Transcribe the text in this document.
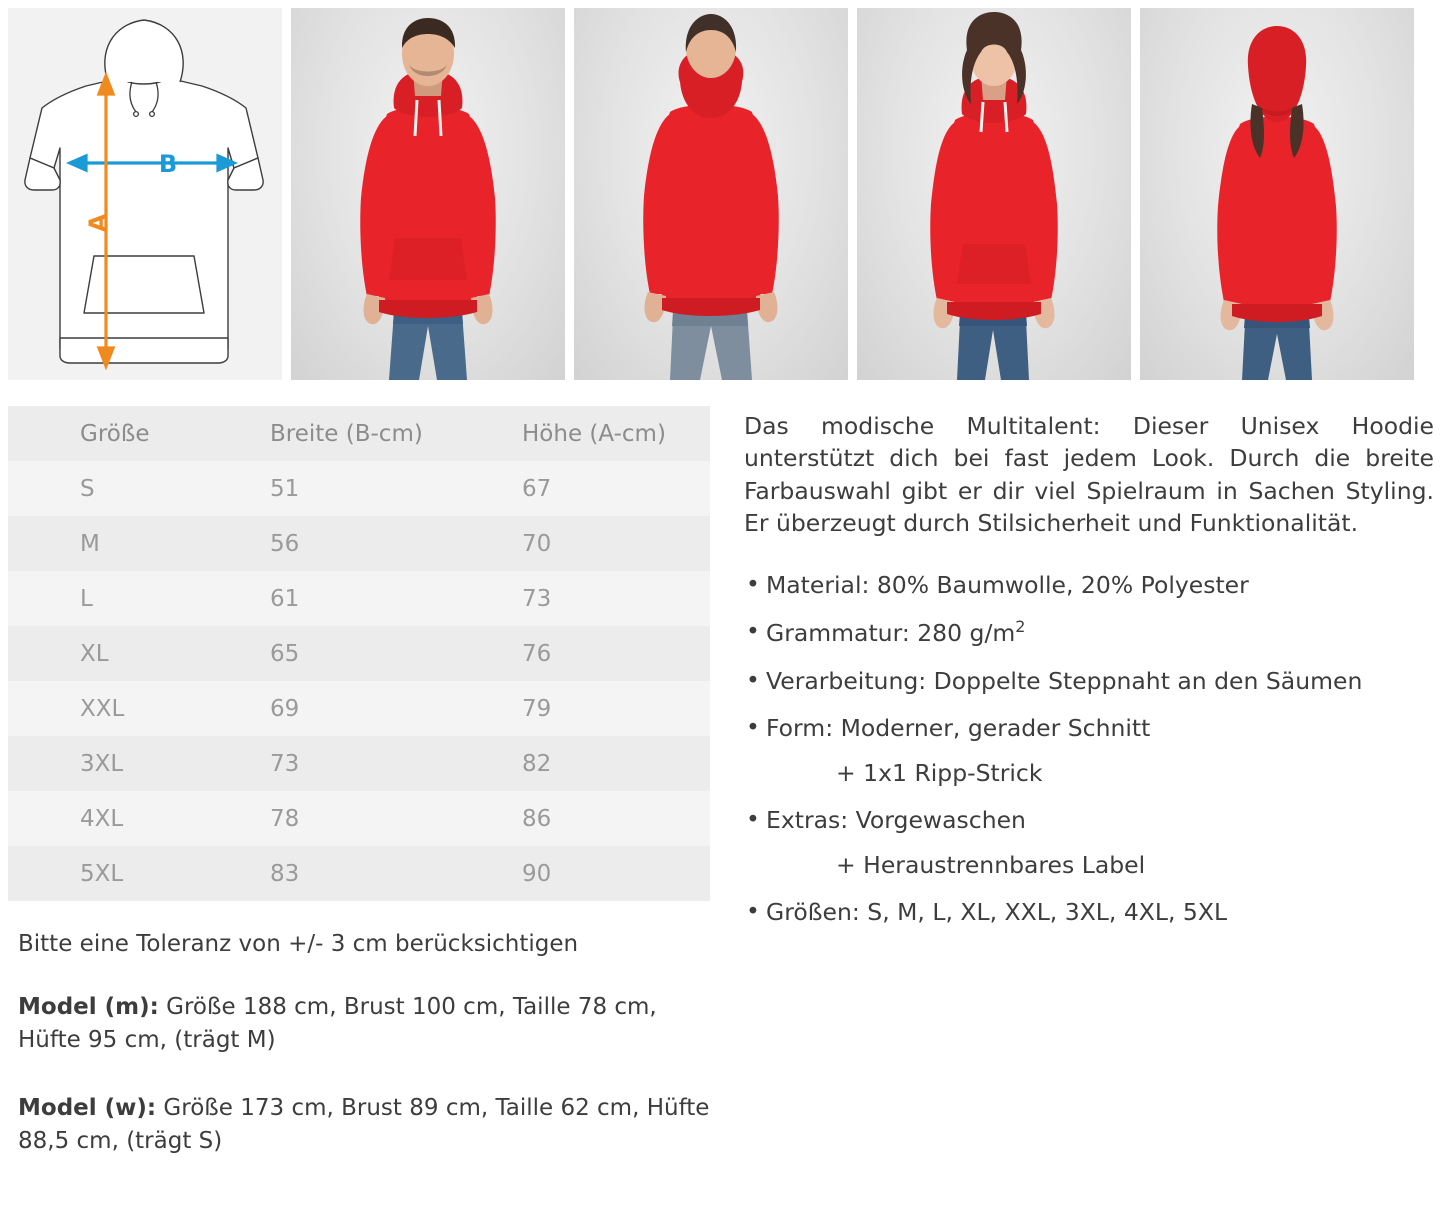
B
A
Größe	Breite (B-cm)	Höhe (A-cm)
S	51	67
M	56	70
L	61	73
XL	65	76
XXL	69	79
3XL	73	82
4XL	78	86
5XL	83	90
Bitte eine Toleranz von +/- 3 cm berücksichtigen
Model (m): Größe 188 cm, Brust 100 cm, Taille 78 cm, Hüfte 95 cm, (trägt M)
Model (w): Größe 173 cm, Brust 89 cm, Taille 62 cm, Hüfte 88,5 cm, (trägt S)
Das modische Multitalent: Dieser Unisex Hoodie unterstützt dich bei fast jedem Look. Durch die breite Farbauswahl gibt er dir viel Spielraum in Sachen Styling. Er überzeugt durch Stilsicherheit und Funktionalität.
• Material: 80% Baumwolle, 20% Polyester
• Grammatur: 280 $g/m^2$
• Verarbeitung: Doppelte Steppnaht an den Säumen
• Form: Moderner, gerader Schnitt
+ 1x1 Ripp-Strick
• Extras: Vorgewaschen
+ Heraustrennbares Label
• Größen: S, M, L, XL, XXL, 3XL, 4XL, 5XL
